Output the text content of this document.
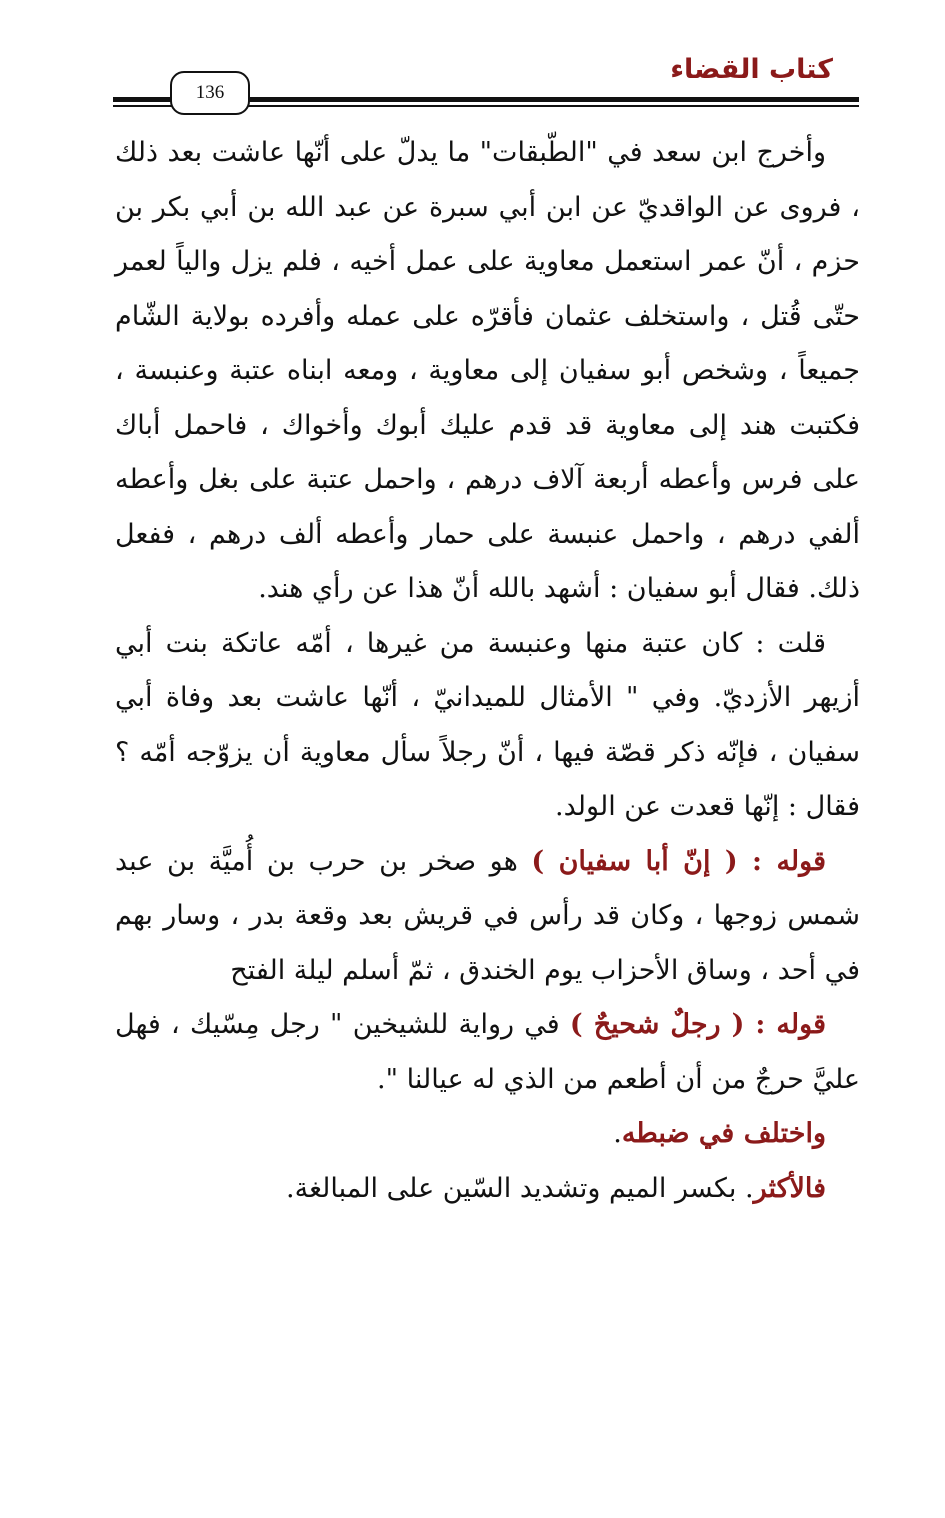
كتاب القضاء
136

وأخرج ابن سعد في "الطّبقات" ما يدلّ على أنّها عاشت بعد ذلك ، فروى عن الواقديّ عن ابن أبي سبرة عن عبد الله بن أبي بكر بن حزم ، أنّ عمر استعمل معاوية على عمل أخيه ، فلم يزل والياً لعمر حتّى قُتل ، واستخلف عثمان فأقرّه على عمله وأفرده بولاية الشّام جميعاً ، وشخص أبو سفيان إلى معاوية ، ومعه ابناه عتبة وعنبسة ، فكتبت هند إلى معاوية قد قدم عليك أبوك وأخواك ، فاحمل أباك على فرس وأعطه أربعة آلاف درهم ، واحمل عتبة على بغل وأعطه ألفي درهم ، واحمل عنبسة على حمار وأعطه ألف درهم ، ففعل ذلك. فقال أبو سفيان : أشهد بالله أنّ هذا عن رأي هند.

قلت : كان عتبة منها وعنبسة من غيرها ، أمّه عاتكة بنت أبي أزيهر الأزديّ. وفي " الأمثال للميدانيّ ، أنّها عاشت بعد وفاة أبي سفيان ، فإنّه ذكر قصّة فيها ، أنّ رجلاً سأل معاوية أن يزوّجه أمّه ؟ فقال : إنّها قعدت عن الولد.

قوله : ( إنّ أبا سفيان ) هو صخر بن حرب بن أُميَّة بن عبد شمس زوجها ، وكان قد رأس في قريش بعد وقعة بدر ، وسار بهم في أحد ، وساق الأحزاب يوم الخندق ، ثمّ أسلم ليلة الفتح

قوله : ( رجلٌ شحيحٌ ) في رواية للشيخين " رجل مِسّيك ، فهل عليَّ حرجٌ من أن أطعم من الذي له عيالنا ".

واختلف في ضبطه.

فالأكثر. بكسر الميم وتشديد السّين على المبالغة.
